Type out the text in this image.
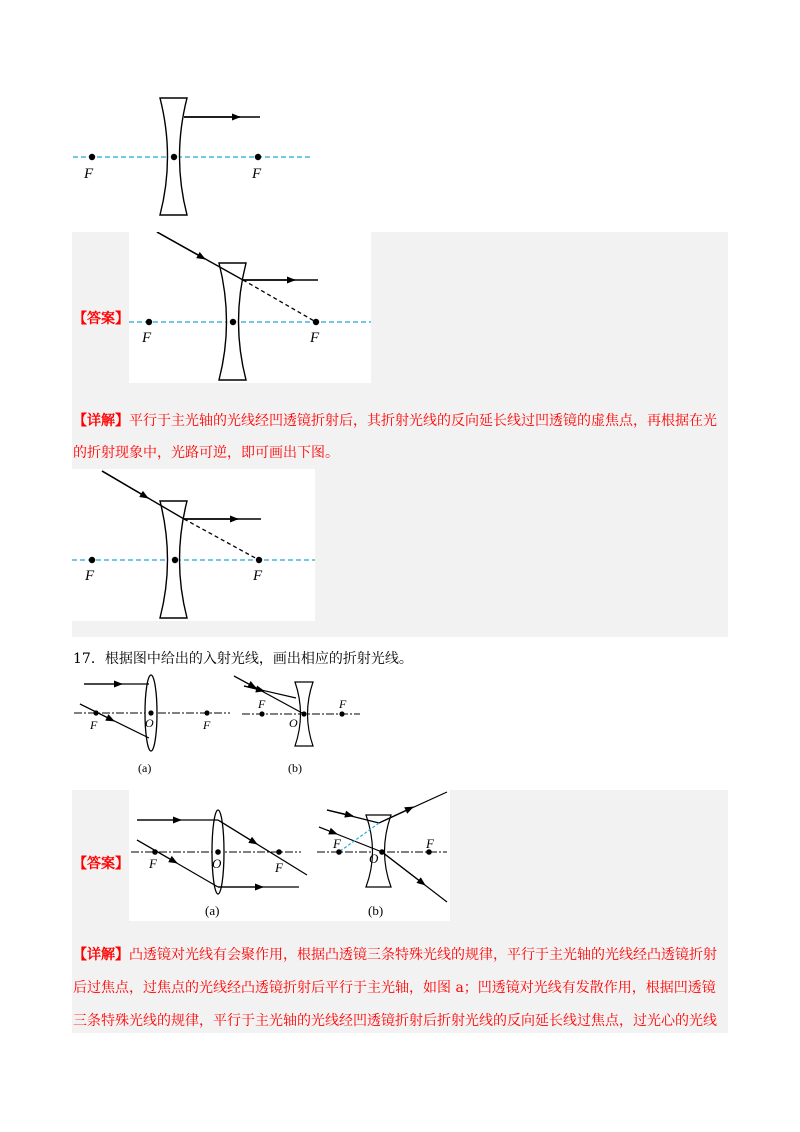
F	F
【答案】
F	F
【详解】平行于主光轴的光线经凹透镜折射后，其折射光线的反向延长线过凹透镜的虚焦点，再根据在光
的折射现象中，光路可逆，即可画出下图。
F	F
17．根据图中给出的入射光线，画出相应的折射光线。
F	O	F
(a)
F
O
F
(b)
【答案】 F	O	F
(a)
F
O
F
(b)
【详解】凸透镜对光线有会聚作用，根据凸透镜三条特殊光线的规律，平行于主光轴的光线经凸透镜折射
后过焦点，过焦点的光线经凸透镜折射后平行于主光轴，如图 a；凹透镜对光线有发散作用，根据凹透镜
三条特殊光线的规律，平行于主光轴的光线经凹透镜折射后折射光线的反向延长线过焦点，过光心的光线
